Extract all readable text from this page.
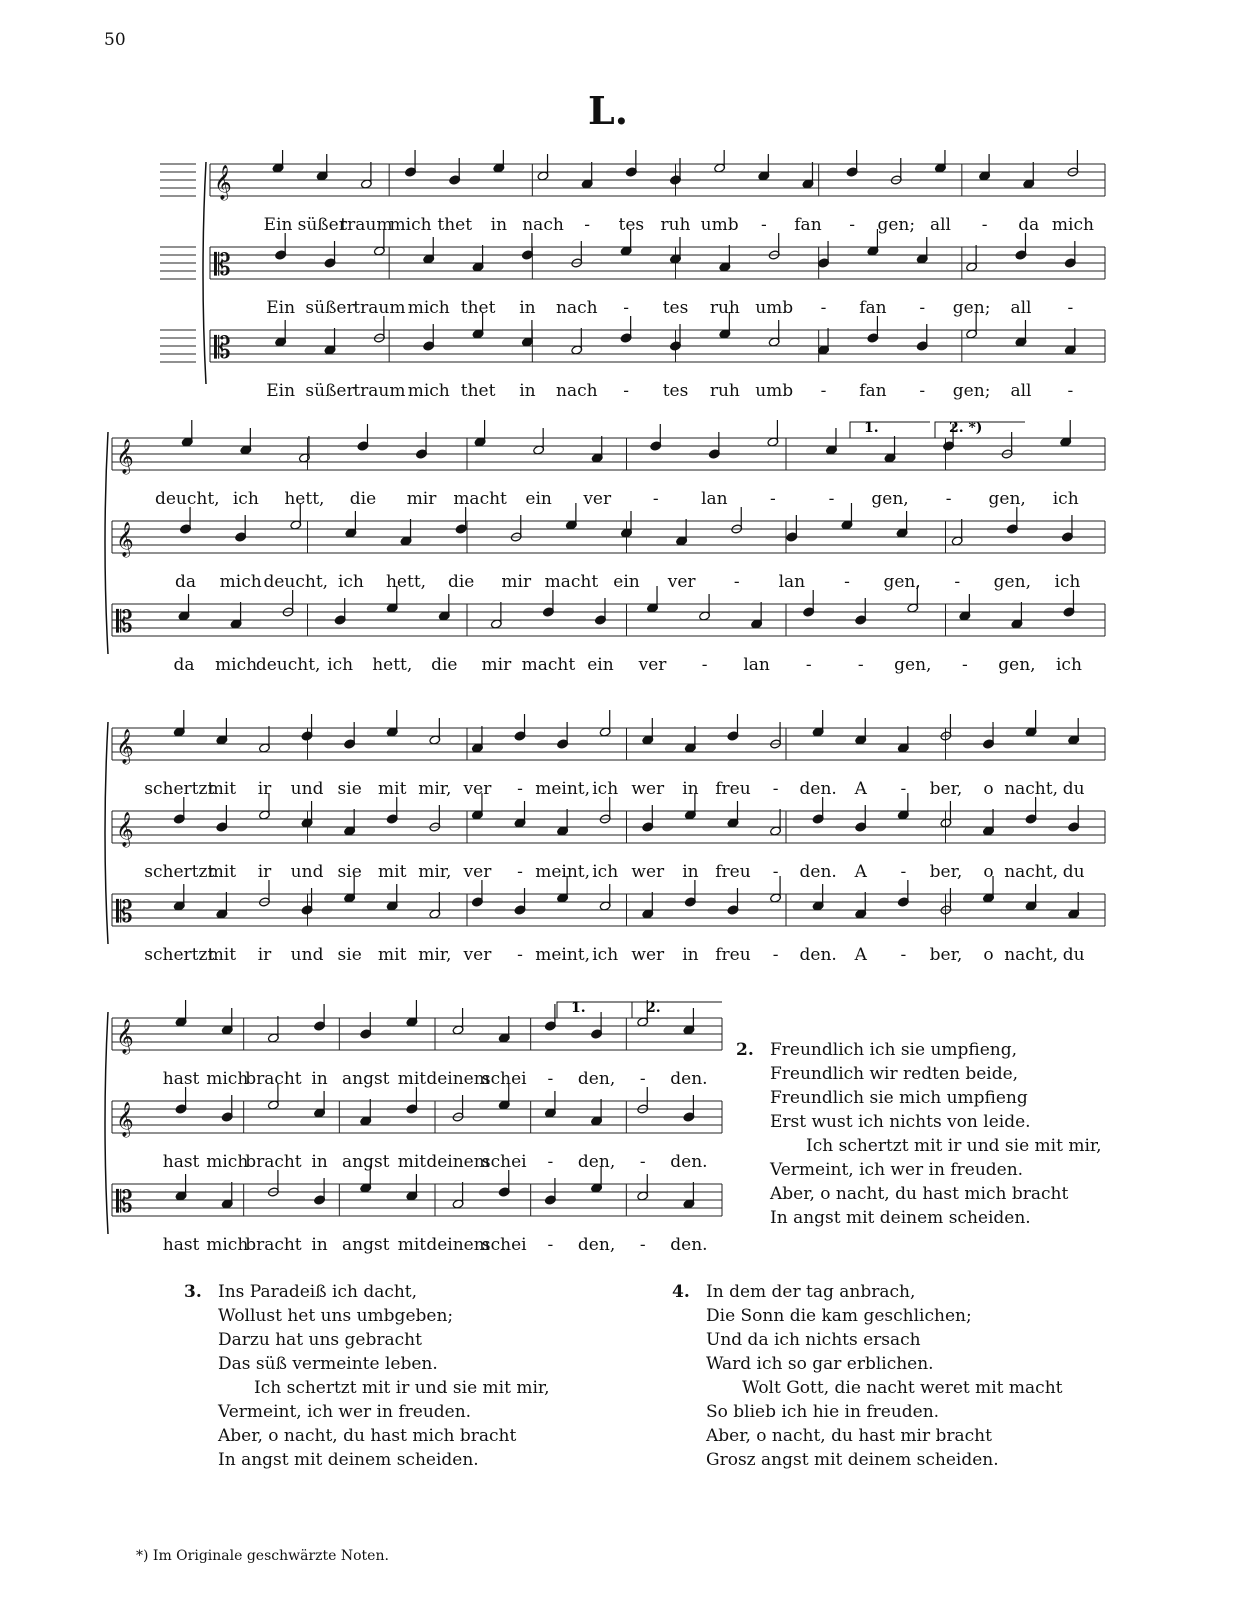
50
L.
𝄞
Ein süßer
traum
mich thet in nach - tes ruh umb - fan - gen; all - da mich
𝄡
Ein süßer
traum mich thet in nach - tes ruh umb - fan - gen; all -
𝄡
Ein süßer
traum mich thet in nach - tes ruh umb - fan - gen; all -
𝄞
deucht, ich hett, die mir macht ein ver - lan -	- gen, - gen, ich
𝄞
da mich deucht, ich hett, die mir macht ein ver - lan - gen, - gen, ich
𝄡
da mich
deucht, ich hett, die mir macht ein ver - lan -	- gen, - gen, ich
1.	2. *)
𝄞
schertzt
mit ir und sie mit mir, ver - meint, ich wer in freu - den. A - ber, o nacht, du
𝄞
schertzt
mit ir und sie mit mir, ver - meint, ich wer in freu - den. A - ber, o nacht, du
𝄡
schertzt
mit ir und sie mit mir, ver - meint, ich wer in freu - den. A - ber, o nacht, du
𝄞
hast mich
bracht in angst mit deinem
schei - den, - den.
𝄞
hast mich
bracht in angst mit deinem
schei - den, - den.
𝄡
hast mich
bracht in angst mit deinem
schei - den, - den.
1.	2.
2. Freundlich ich sie umpfieng,
Freundlich wir redten beide,
Freundlich sie mich umpfieng
Erst wust ich nichts von leide.
Ich schertzt mit ir und sie mit mir,
Vermeint, ich wer in freuden.
Aber, o nacht, du hast mich bracht
In angst mit deinem scheiden.
3. Ins Paradeiß ich dacht,
Wollust het uns umbgeben;
Darzu hat uns gebracht
Das süß vermeinte leben.
Ich schertzt mit ir und sie mit mir,
Vermeint, ich wer in freuden.
Aber, o nacht, du hast mich bracht
In angst mit deinem scheiden.
4. In dem der tag anbrach,
Die Sonn die kam geschlichen;
Und da ich nichts ersach
Ward ich so gar erblichen.
Wolt Gott, die nacht weret mit macht
So blieb ich hie in freuden.
Aber, o nacht, du hast mir bracht
Grosz angst mit deinem scheiden.
*) Im Originale geschwärzte Noten.
